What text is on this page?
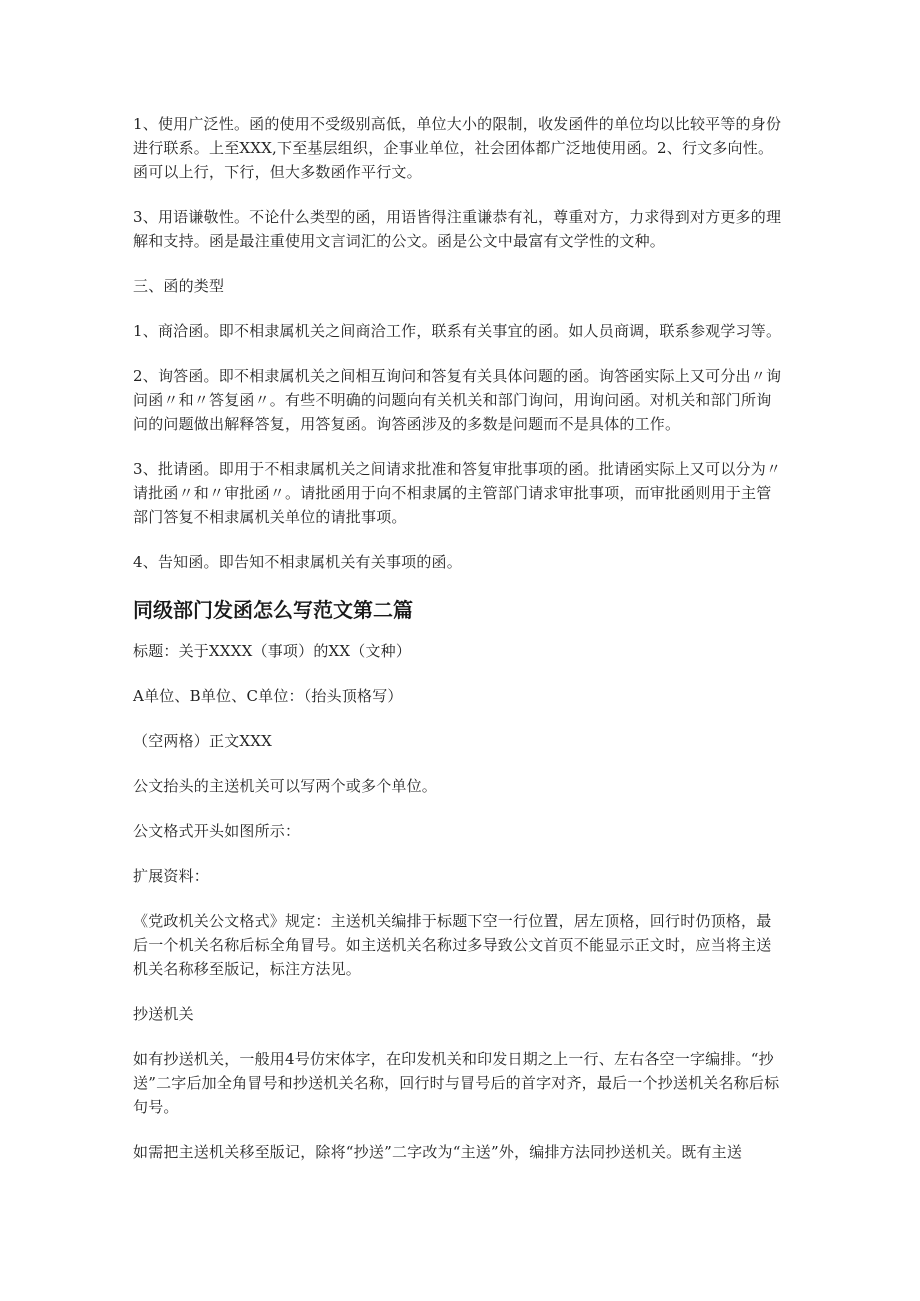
1、使用广泛性。函的使用不受级别高低，单位大小的限制，收发函件的单位均以比较平等的身份进行联系。上至XXX,下至基层组织，企事业单位，社会团体都广泛地使用函。2、行文多向性。函可以上行，下行，但大多数函作平行文。

3、用语谦敬性。不论什么类型的函，用语皆得注重谦恭有礼，尊重对方，力求得到对方更多的理解和支持。函是最注重使用文言词汇的公文。函是公文中最富有文学性的文种。

三、函的类型

1、商洽函。即不相隶属机关之间商洽工作，联系有关事宜的函。如人员商调，联系参观学习等。

2、询答函。即不相隶属机关之间相互询问和答复有关具体问题的函。询答函实际上又可分出〃询问函〃和〃答复函〃。有些不明确的问题向有关机关和部门询问，用询问函。对机关和部门所询问的问题做出解释答复，用答复函。询答函涉及的多数是问题而不是具体的工作。

3、批请函。即用于不相隶属机关之间请求批准和答复审批事项的函。批请函实际上又可以分为〃请批函〃和〃审批函〃。请批函用于向不相隶属的主管部门请求审批事项，而审批函则用于主管部门答复不相隶属机关单位的请批事项。

4、告知函。即告知不相隶属机关有关事项的函。

同级部门发函怎么写范文第二篇

标题：关于XXXX（事项）的XX（文种）

A单位、B单位、C单位：（抬头顶格写）

（空两格）正文XXX

公文抬头的主送机关可以写两个或多个单位。

公文格式开头如图所示：

扩展资料：

《党政机关公文格式》规定：主送机关编排于标题下空一行位置，居左顶格，回行时仍顶格，最后一个机关名称后标全角冒号。如主送机关名称过多导致公文首页不能显示正文时，应当将主送机关名称移至版记，标注方法见。

抄送机关

如有抄送机关，一般用4号仿宋体字，在印发机关和印发日期之上一行、左右各空一字编排。“抄送”二字后加全角冒号和抄送机关名称，回行时与冒号后的首字对齐，最后一个抄送机关名称后标句号。

如需把主送机关移至版记，除将“抄送”二字改为“主送”外，编排方法同抄送机关。既有主送
